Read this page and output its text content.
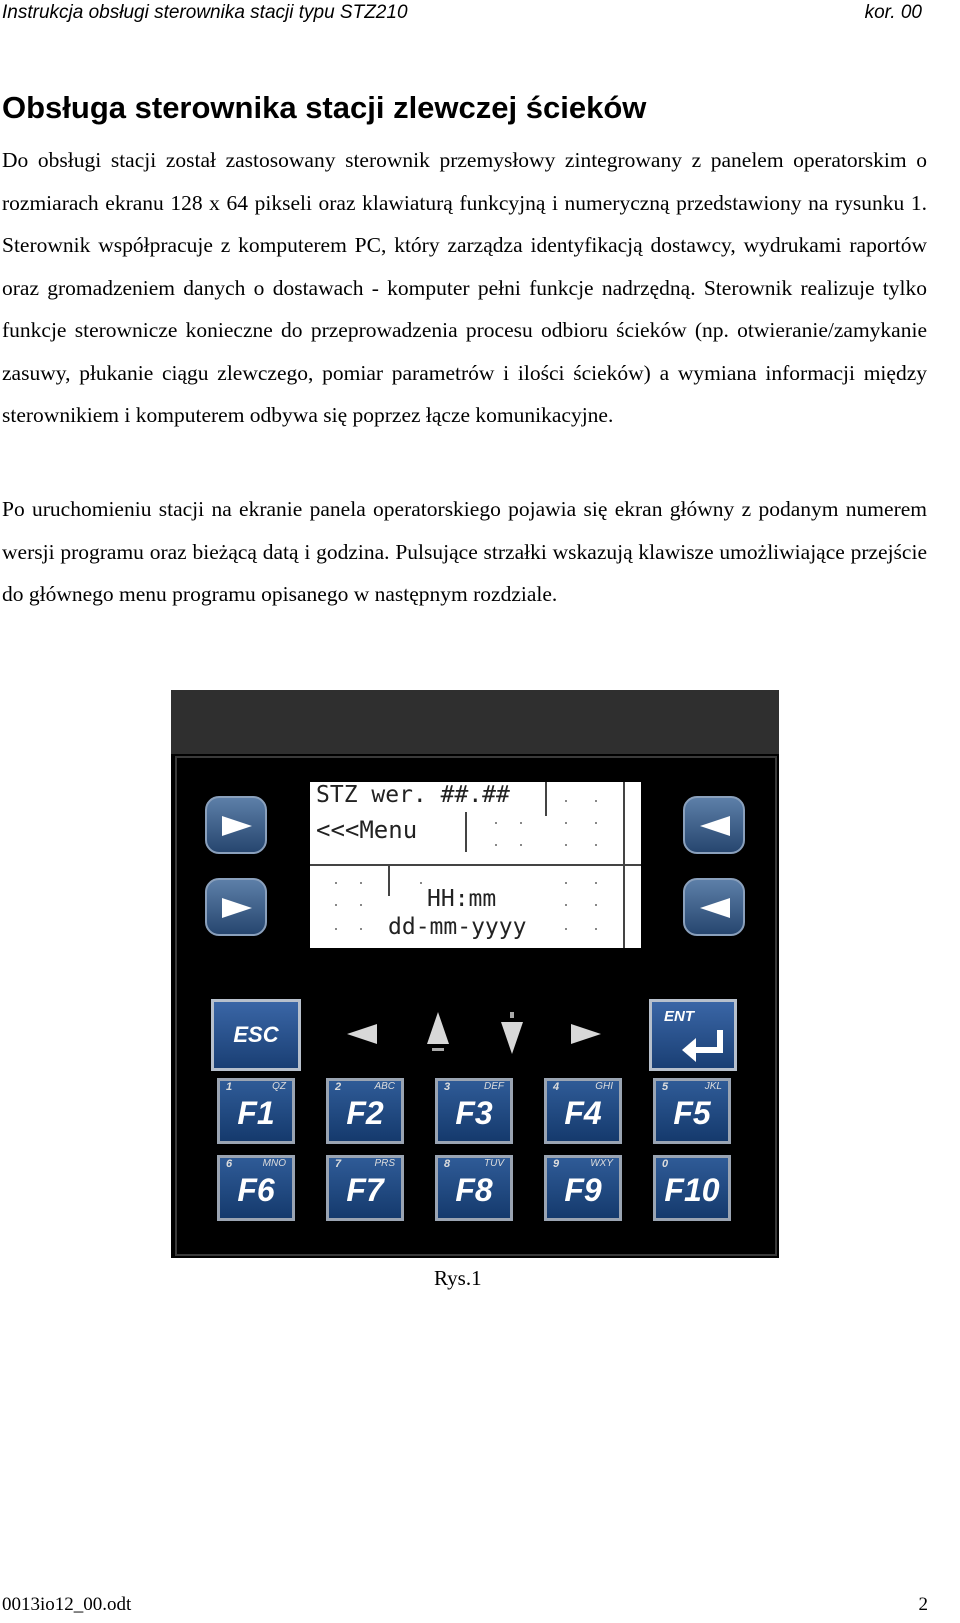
Instrukcja obsługi sterownika stacji typu STZ210	kor. 00
Obsługa sterownika stacji zlewczej ścieków

Do obsługi stacji został zastosowany sterownik przemysłowy zintegrowany z panelem operatorskim o rozmiarach ekranu 128 x 64 pikseli oraz klawiaturą funkcyjną i numeryczną przedstawiony na rysunku 1. Sterownik współpracuje z komputerem PC, który zarządza identyfikacją dostawcy, wydrukami raportów oraz gromadzeniem danych o dostawach - komputer pełni funkcje nadrzędną. Sterownik realizuje tylko funkcje sterownicze konieczne do przeprowadzenia procesu odbioru ścieków (np. otwieranie/zamykanie zasuwy, płukanie ciągu zlewczego, pomiar parametrów i ilości ścieków) a wymiana informacji między sterownikiem i komputerem odbywa się poprzez łącze komunikacyjne.

Po uruchomieniu stacji na ekranie panela operatorskiego pojawia się ekran główny z podanym numerem wersji programu oraz bieżącą datą i godzina. Pulsujące strzałki wskazują klawisze umożliwiające przejście do głównego menu programu opisanego w następnym rozdziale.

STZ wer. ##.##
<<<Menu
HH:mm
dd-mm-yyyy
ESC
ENT
1	QZ
F1
2	ABC
F2
3	DEF
F3
4	GHI
F4
5	JKL
F5
6	MNO
F6
7	PRS
F7
8	TUV
F8
9	WXY
F9
0
F10
Rys.1
0013io12_00.odt	2
